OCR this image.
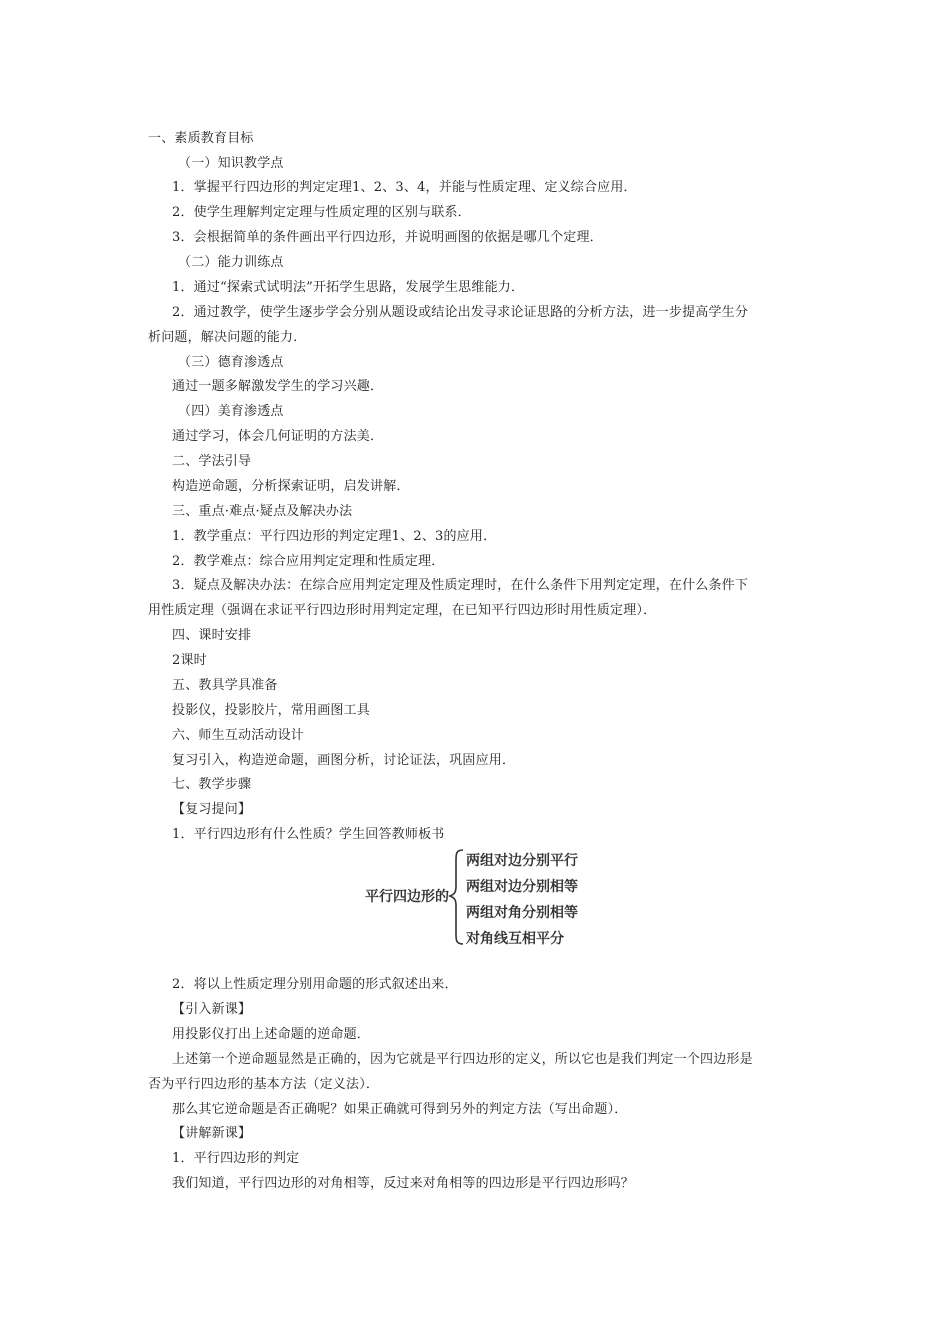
一、素质教育目标
（一）知识教学点
1．掌握平行四边形的判定定理1、2、3、4，并能与性质定理、定义综合应用．
2．使学生理解判定定理与性质定理的区别与联系．
3．会根据简单的条件画出平行四边形，并说明画图的依据是哪几个定理．
（二）能力训练点
1．通过“探索式试明法”开拓学生思路，发展学生思维能力．
2．通过教学，使学生逐步学会分别从题设或结论出发寻求论证思路的分析方法，进一步提高学生分
析问题，解决问题的能力．
（三）德育渗透点
通过一题多解激发学生的学习兴趣．
（四）美育渗透点
通过学习，体会几何证明的方法美．
二、学法引导
构造逆命题，分析探索证明，启发讲解．
三、重点·难点·疑点及解决办法
1．教学重点：平行四边形的判定定理1、2、3的应用．
2．教学难点：综合应用判定定理和性质定理．
3．疑点及解决办法：在综合应用判定定理及性质定理时，在什么条件下用判定定理，在什么条件下
用性质定理（强调在求证平行四边形时用判定定理，在已知平行四边形时用性质定理）．
四、课时安排
2课时
五、教具学具准备
投影仪，投影胶片，常用画图工具
六、师生互动活动设计
复习引入，构造逆命题，画图分析，讨论证法，巩固应用．
七、教学步骤
【复习提问】
1．平行四边形有什么性质？学生回答教师板书
平行四边形的
两组对边分别平行
两组对边分别相等
两组对角分别相等
对角线互相平分
2．将以上性质定理分别用命题的形式叙述出来．
【引入新课】
用投影仪打出上述命题的逆命题．
上述第一个逆命题显然是正确的，因为它就是平行四边形的定义，所以它也是我们判定一个四边形是
否为平行四边形的基本方法（定义法）．
那么其它逆命题是否正确呢？如果正确就可得到另外的判定方法（写出命题）．
【讲解新课】
1．平行四边形的判定
我们知道，平行四边形的对角相等，反过来对角相等的四边形是平行四边形吗？
